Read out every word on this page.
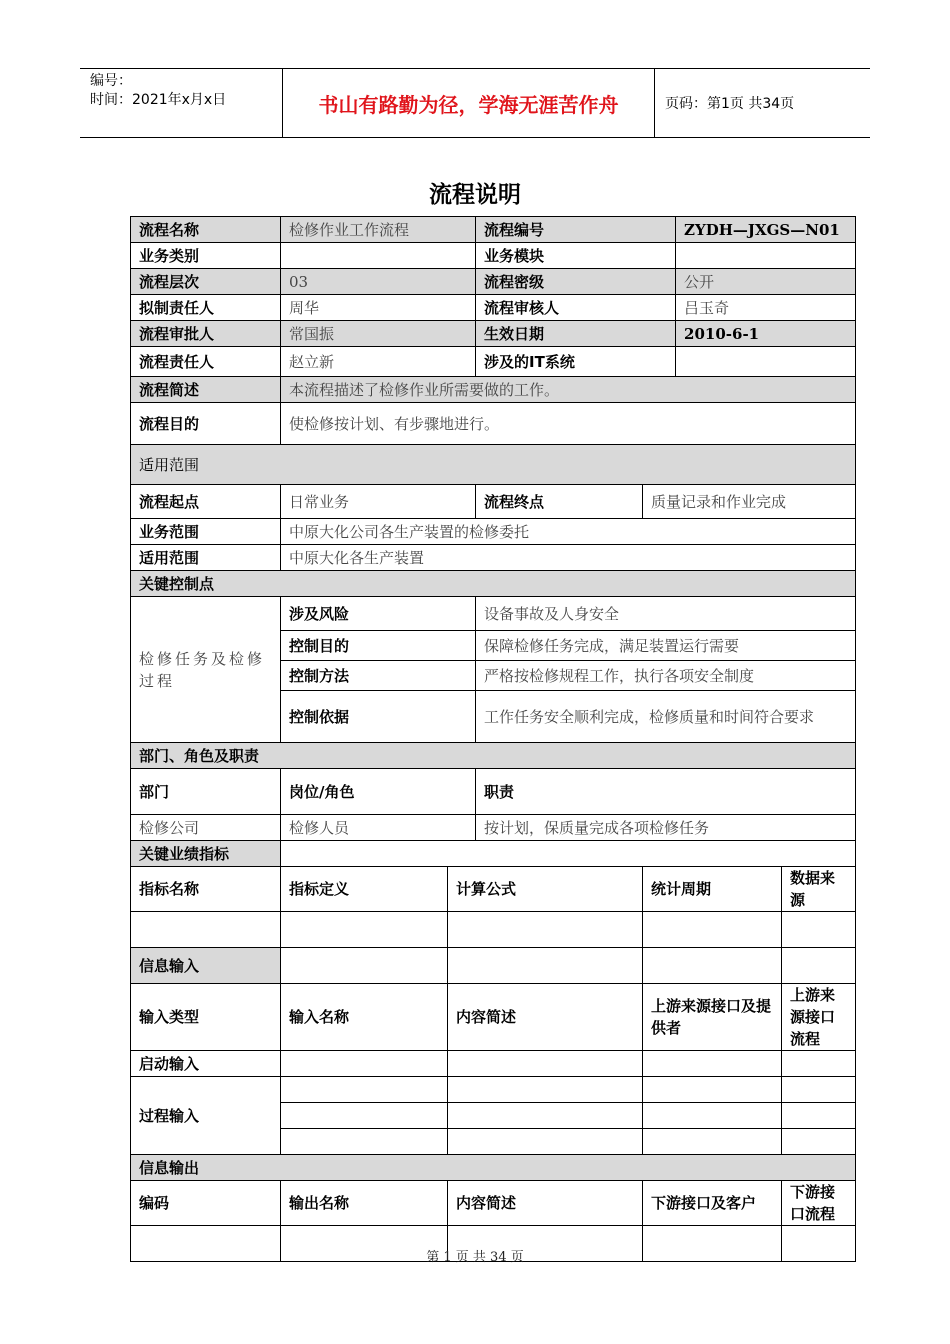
编号：
时间：2021年x月x日	书山有路勤为径，学海无涯苦作舟	页码：第1页 共34页
流程说明
流程名称	检修作业工作流程		流程编号		ZYDH—JXGS—N01	
业务类别			业务模块			
流程层次	03		流程密级		公开	
拟制责任人	周华		流程审核人		吕玉奇	
流程审批人	常国振		生效日期		2010-6-1	
流程责任人	赵立新		涉及的IT系统			
流程简述	本流程描述了检修作业所需要做的工作。					
流程目的	使检修按计划、有步骤地进行。					
适用范围						
流程起点	日常业务		流程终点	质量记录和作业完成		
业务范围	中原大化公司各生产装置的检修委托					
适用范围	中原大化各生产装置					
关键控制点						
检修任务及检修过程	涉及风险		设备事故及人身安全			
	控制目的		保障检修任务完成，满足装置运行需要			
	控制方法		严格按检修规程工作，执行各项安全制度			
	控制依据		工作任务安全顺利完成，检修质量和时间符合要求			
部门、角色及职责						
部门	岗位/角色		职责			
检修公司	检修人员		按计划，保质量完成各项检修任务			
关键业绩指标						
指标名称	指标定义	计算公式		统计周期		数据来源

信息输入						
输入类型	输入名称	内容简述		上游来源接口及提供者		上游来源接口流程
启动输入						
过程输入						

信息输出						
编码	输出名称	内容简述		下游接口及客户		下游接口流程

第 1 页 共 34 页
